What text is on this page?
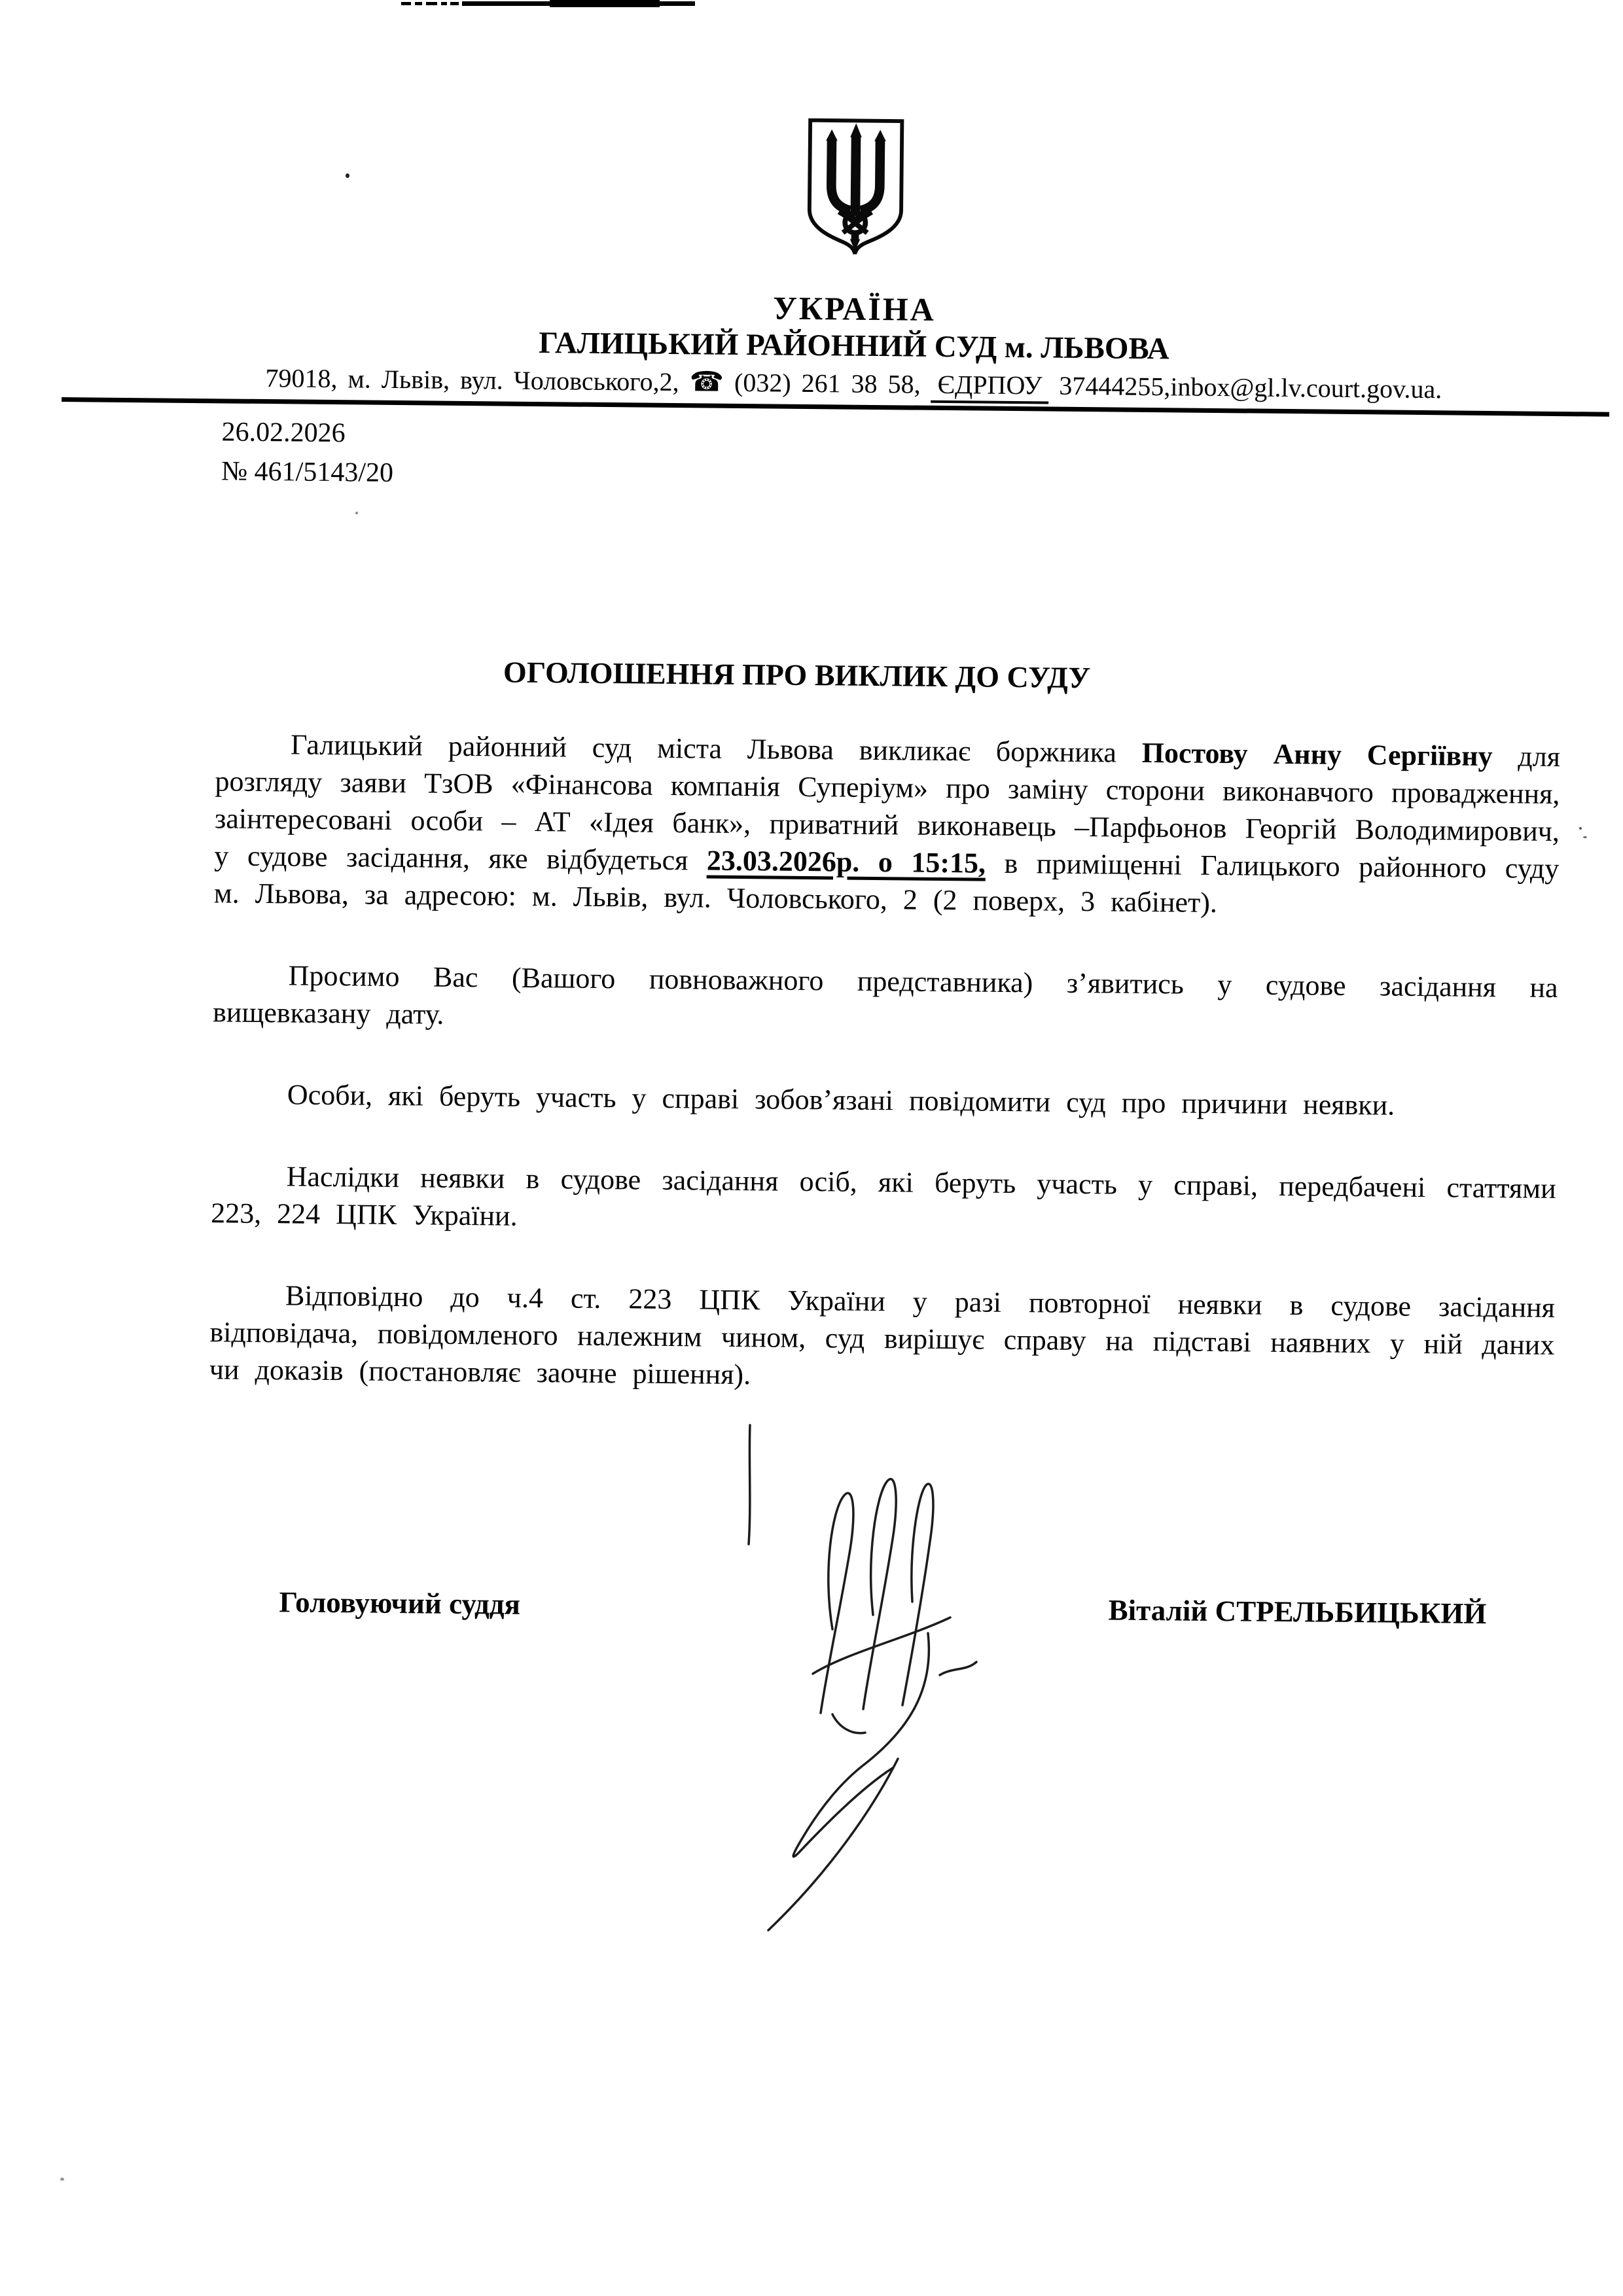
УКРАЇНА
ГАЛИЦЬКИЙ РАЙОННИЙ СУД м. ЛЬВОВА
79018, м. Львів, вул. Чоловського,2, ☎ (032) 261 38 58, ЄДРПОУ 37444255,inbox@gl.lv.court.gov.ua.
26.02.2026
№ 461/5143/20
ОГОЛОШЕННЯ ПРО ВИКЛИК ДО СУДУ

Галицький районний суд міста Львова викликає боржника Постову Анну Сергіївну для розгляду заяви ТзОВ «Фінансова компанія Суперіум» про заміну сторони виконавчого провадження, заінтересовані особи – АТ «Ідея банк», приватний виконавець –Парфьонов Георгій Володимирович, у судове засідання, яке відбудеться 23.03.2026р. о 15:15, в приміщенні Галицького районного суду м. Львова, за адресою: м. Львів, вул. Чоловського, 2 (2 поверх, 3 кабінет).

Просимо Вас (Вашого повноважного представника) з’явитись у судове засідання на вищевказану дату.

Особи, які беруть участь у справі зобов’язані повідомити суд про причини неявки.

Наслідки неявки в судове засідання осіб, які беруть участь у справі, передбачені статтями 223, 224 ЦПК України.

Відповідно до ч.4 ст. 223 ЦПК України у разі повторної неявки в судове засідання відповідача, повідомленого належним чином, суд вирішує справу на підставі наявних у ній даних чи доказів (постановляє заочне рішення).

Головуючий суддя	Віталій СТРЕЛЬБИЦЬКИЙ
